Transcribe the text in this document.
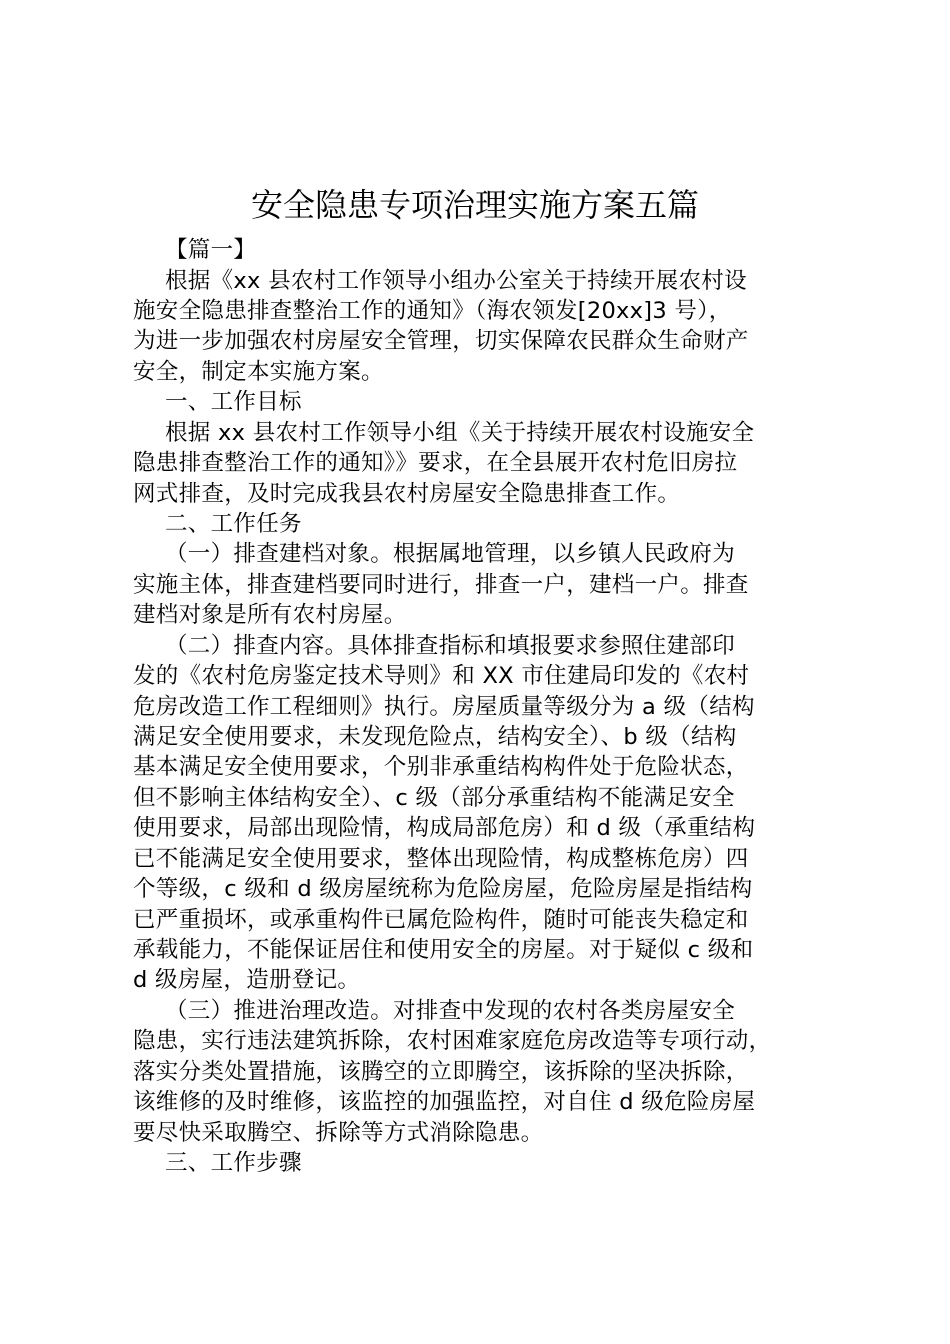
安全隐患专项治理实施方案五篇
【篇一】
根据《xx 县农村工作领导小组办公室关于持续开展农村设
施安全隐患排查整治工作的通知》（海农领发[20xx]3 号），
为进一步加强农村房屋安全管理，切实保障农民群众生命财产
安全，制定本实施方案。
一、工作目标
根据 xx 县农村工作领导小组《关于持续开展农村设施安全
隐患排查整治工作的通知》》要求，在全县展开农村危旧房拉
网式排查，及时完成我县农村房屋安全隐患排查工作。
二、工作任务
（一）排查建档对象。根据属地管理，以乡镇人民政府为
实施主体，排查建档要同时进行，排查一户，建档一户。排查
建档对象是所有农村房屋。
（二）排查内容。具体排查指标和填报要求参照住建部印
发的《农村危房鉴定技术导则》和 XX 市住建局印发的《农村
危房改造工作工程细则》执行。房屋质量等级分为 a 级（结构
满足安全使用要求，未发现危险点，结构安全）、b 级（结构
基本满足安全使用要求，个别非承重结构构件处于危险状态，
但不影响主体结构安全）、c 级（部分承重结构不能满足安全
使用要求，局部出现险情，构成局部危房）和 d 级（承重结构
已不能满足安全使用要求，整体出现险情，构成整栋危房）四
个等级，c 级和 d 级房屋统称为危险房屋，危险房屋是指结构
已严重损坏，或承重构件已属危险构件，随时可能丧失稳定和
承载能力，不能保证居住和使用安全的房屋。对于疑似 c 级和
d 级房屋，造册登记。
（三）推进治理改造。对排查中发现的农村各类房屋安全
隐患，实行违法建筑拆除，农村困难家庭危房改造等专项行动，
落实分类处置措施，该腾空的立即腾空，该拆除的坚决拆除，
该维修的及时维修，该监控的加强监控，对自住 d 级危险房屋
要尽快采取腾空、拆除等方式消除隐患。
三、工作步骤
